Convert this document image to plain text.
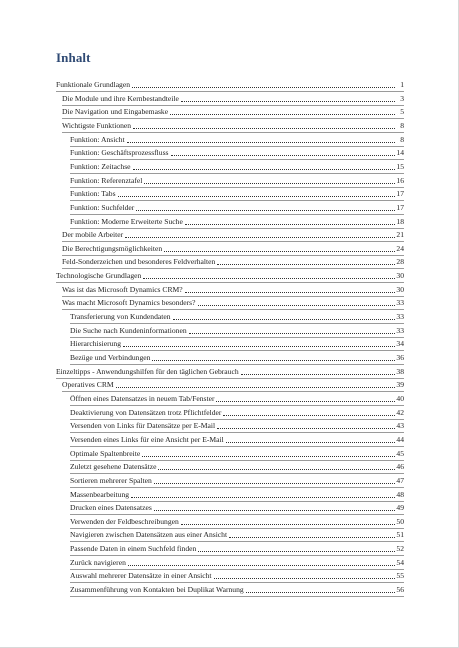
Inhalt
Funktionale Grundlagen	1
Die Module und ihre Kernbestandteile	3
Die Navigation und Eingabemaske	5
Wichtigste Funktionen	8
Funktion: Ansicht	8
Funktion: Geschäftsprozessfluss	14
Funktion: Zeitachse	15
Funktion: Referenztafel	16
Funktion: Tabs	17
Funktion: Suchfelder	17
Funktion: Moderne Erweiterte Suche	18
Der mobile Arbeiter	21
Die Berechtigungsmöglichkeiten	24
Feld-Sonderzeichen und besonderes Feldverhalten	28
Technologische Grundlagen	30
Was ist das Microsoft Dynamics CRM?	30
Was macht Microsoft Dynamics besonders?	33
Transferierung von Kundendaten	33
Die Suche nach Kundeninformationen	33
Hierarchisierung	34
Bezüge und Verbindungen	36
Einzeltipps - Anwendungshilfen für den täglichen Gebrauch	38
Operatives CRM	39
Öffnen eines Datensatzes in neuem Tab/Fenster	40
Deaktivierung von Datensätzen trotz Pflichtfelder	42
Versenden von Links für Datensätze per E-Mail	43
Versenden eines Links für eine Ansicht per E-Mail	44
Optimale Spaltenbreite	45
Zuletzt gesehene Datensätze	46
Sortieren mehrerer Spalten	47
Massenbearbeitung	48
Drucken eines Datensatzes	49
Verwenden der Feldbeschreibungen	50
Navigieren zwischen Datensätzen aus einer Ansicht	51
Passende Daten in einem Suchfeld finden	52
Zurück navigieren	54
Auswahl mehrerer Datensätze in einer Ansicht	55
Zusammenführung von Kontakten bei Duplikat Warnung	56
